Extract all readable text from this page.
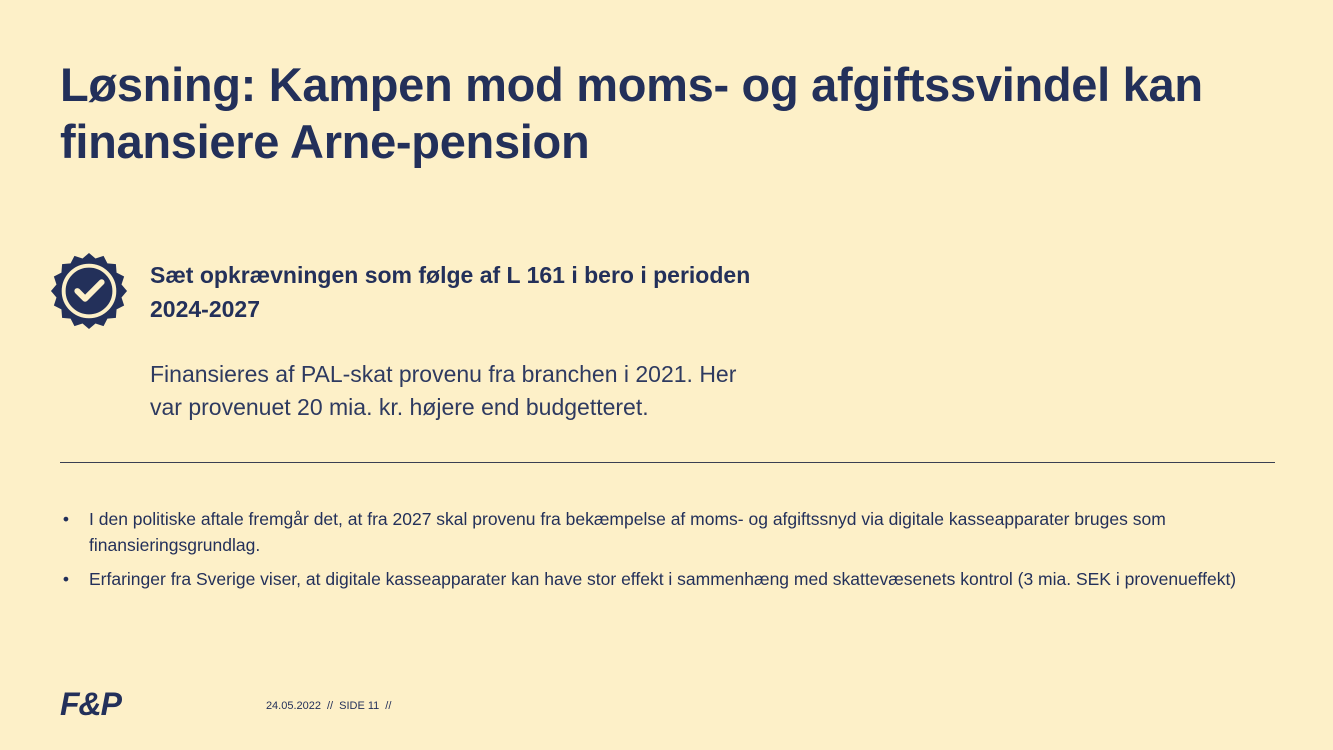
Løsning: Kampen mod moms- og afgiftssvindel kan
finansiere Arne-pension
Sæt opkrævningen som følge af L 161 i bero i perioden
2024-2027
Finansieres af PAL-skat provenu fra branchen i 2021. Her
var provenuet 20 mia. kr. højere end budgetteret.
• I den politiske aftale fremgår det, at fra 2027 skal provenu fra bekæmpelse af moms- og afgiftssnyd via digitale kasseapparater bruges som finansieringsgrundlag.
• Erfaringer fra Sverige viser, at digitale kasseapparater kan have stor effekt i sammenhæng med skattevæsenets kontrol (3 mia. SEK i provenueffekt)
F&P	24.05.2022 // SIDE 11 //
